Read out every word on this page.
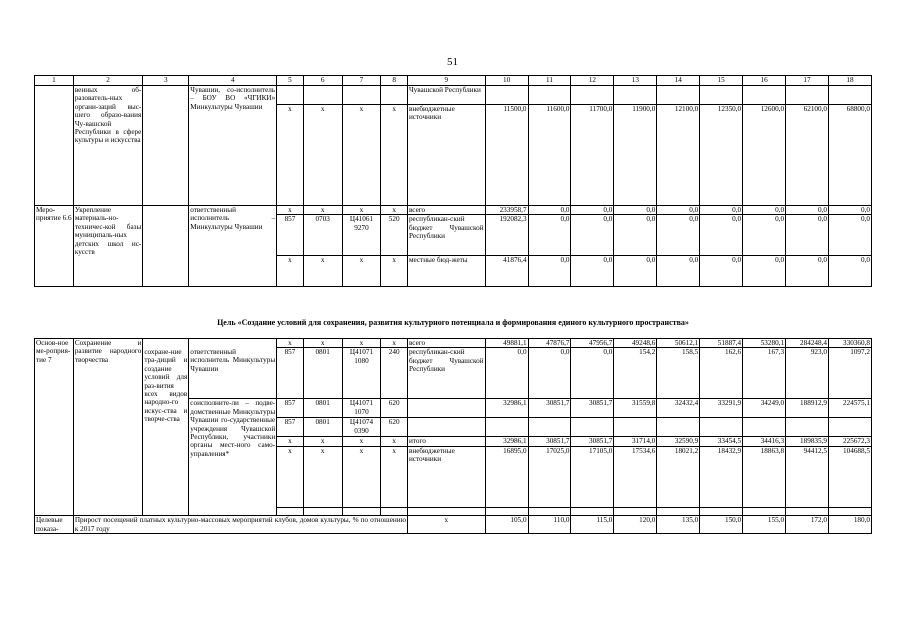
51
1	2	3	4	5	6	7	8	9	10	11	12	13	14	15	16	17	18
	венных об-разователь-ных органи-заций выс-шего образо-вания Чу-вашской Республики в сфере культуры и искусства		Чувашии, со-исполнитель – БОУ ВО «ЧГИКИ» Минкультуры Чувашии					Чувашской Республики									
				х	х	х	х	внебюджетные источники	11500,0	11600,0	11700,0	11900,0	12100,0	12350,0	12600,0	62100,0	68800,0
Меро-приятие 6.6	Укрепление материаль-но-техничес-кой базы муниципаль-ных детских школ ис-кусств		ответственный исполнитель – Минкультуры Чувашии	х	х	х	х	всего	233958,7	0,0	0,0	0,0	0,0	0,0	0,0	0,0	0,0
				857	0703	Ц41061 9270	520	республикан-ский бюджет Чувашской Республики	192082,3	0,0	0,0	0,0	0,0	0,0	0,0	0,0	0,0
				х	х	х	х	местные бюд-жеты	41876,4	0,0	0,0	0,0	0,0	0,0	0,0	0,0	0,0
Цель «Создание условий для сохранения, развития культурного потенциала и формирования единого культурного пространства»
Основ-ное ме-роприя-тие 7	Сохранение и развитие народного творчества	сохране-ние тра-диций и создание условий для раз-вития всех видов народно-го искус-ства и творче-ства		х	х	х	х	всего	49881,1	47876,7	47956,7	49248,6	50612,1	51887,4	53280,1	284248,4	330360,8
			ответственный исполнитель Минкультуры Чувашии	857	0801	Ц41071 1080	240	республикан-ский бюджет Чувашской Республики	0,0	0,0	0,0	154,2	158,5	162,6	167,3	923,0	1097,2
			соисполните-ли – подве-домственные Минкультуры Чувашии го-сударственные учреждения Чувашской Республики, участники органы мест-ного само-управления*	857	0801	Ц41071 1070	620		32986,1	30851,7	30851,7	31559,8	32432,4	33291,9	34249,0	188912,9	224575,1
				857	0801	Ц41074 0390	620										
				х	х	х	х	итого	32986,1	30851,7	30851,7	31714,0	32590,9	33454,5	34416,3	189835,9	225672,3
				х	х	х	х	внебюджетные источники	16895,0	17025,0	17105,0	17534,6	18021,2	18432,9	18863,8	94412,5	104688,5

Целевые показа-	Прирост посещений платных культурно-массовых мероприятий клубов, домов культуры, % по отношению к 2017 году							х	105,0	110,0	115,0	120,0	135,0	150,0	155,0	172,0	180,0
